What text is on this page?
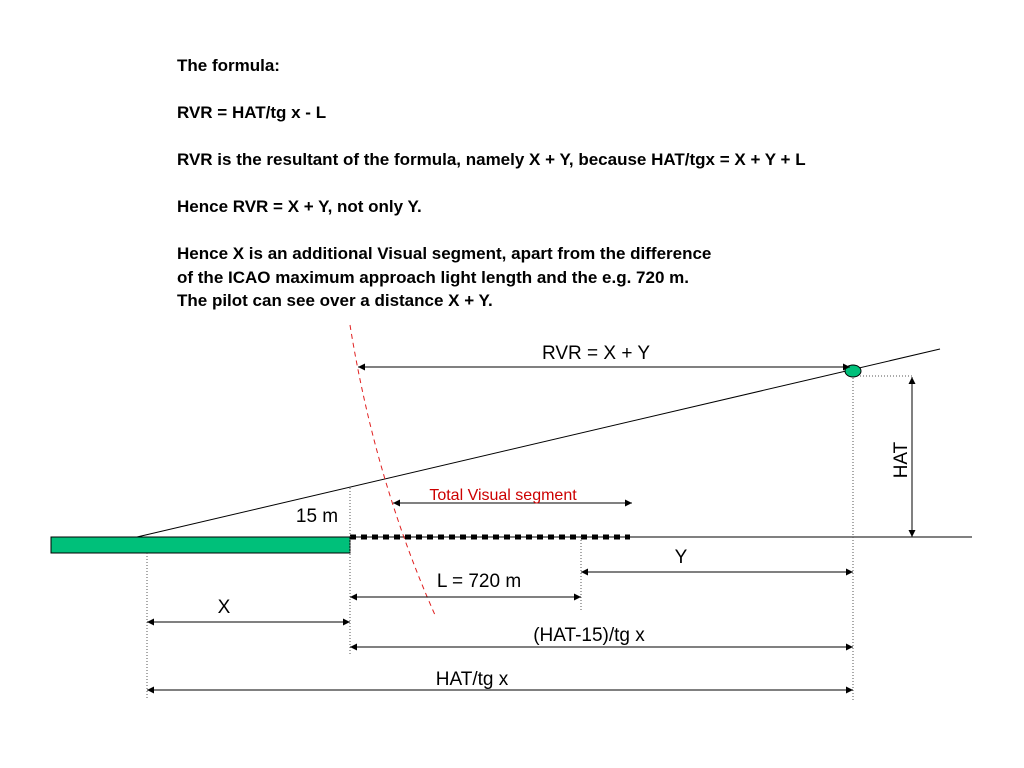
The formula:

RVR = HAT/tg x - L

RVR is the resultant of the formula, namely X + Y, because HAT/tgx = X + Y + L

Hence RVR = X + Y, not only Y.

Hence X is an additional Visual segment, apart from the difference

of the ICAO maximum approach light length and the e.g. 720 m.

The pilot can see over a distance X + Y.

RVR = X + Y
HAT
Total Visual segment
15 m
Y
L = 720 m
X
(HAT-15)/tg x
HAT/tg x
